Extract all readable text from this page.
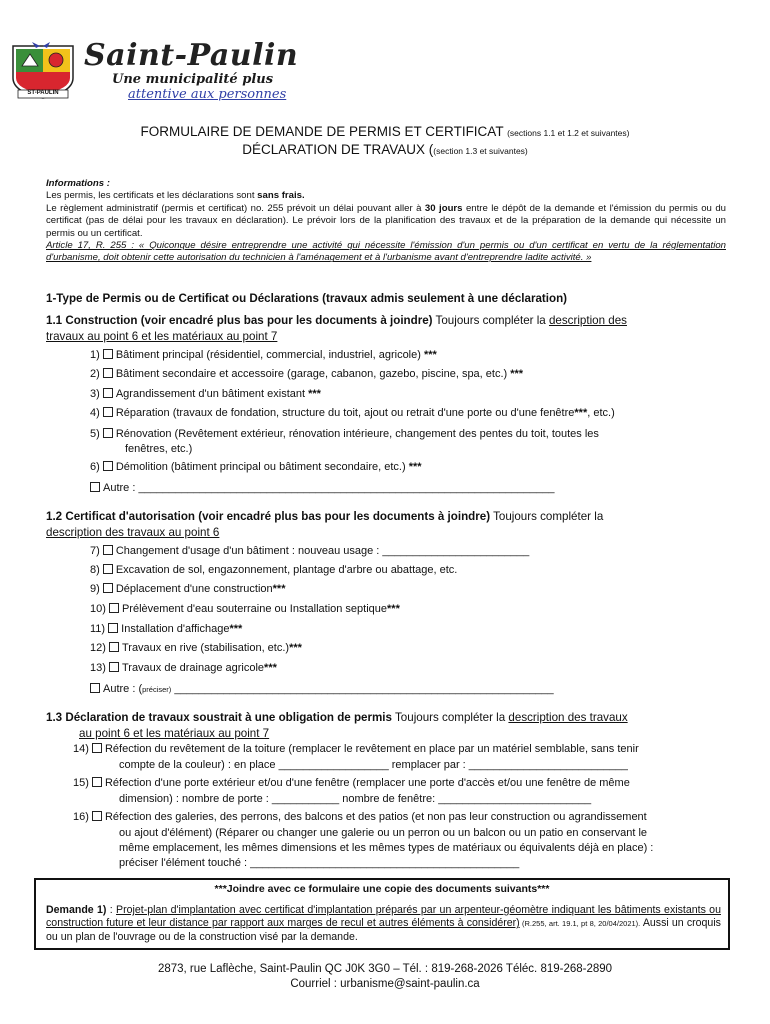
ST-PAULIN
Saint-Paulin
Une municipalité plus
attentive aux personnes
FORMULAIRE DE DEMANDE DE PERMIS ET CERTIFICAT (sections 1.1 et 1.2 et suivantes)
DÉCLARATION DE TRAVAUX ((section 1.3 et suivantes)

Informations :

Les permis, les certificats et les déclarations sont sans frais.

Le règlement administratif (permis et certificat) no. 255 prévoit un délai pouvant aller à 30 jours entre le dépôt de la demande et l'émission du permis ou du certificat (pas de délai pour les travaux en déclaration). Le prévoir lors de la planification des travaux et de la préparation de la demande qui nécessite un permis ou un certificat.

Article 17, R. 255 : « Quiconque désire entreprendre une activité qui nécessite l'émission d'un permis ou d'un certificat en vertu de la réglementation d'urbanisme, doit obtenir cette autorisation du technicien à l'aménagement et à l'urbanisme avant d'entreprendre ladite activité. »

1-Type de Permis ou de Certificat ou Déclarations (travaux admis seulement à une déclaration)
1.1 Construction (voir encadré plus bas pour les documents à joindre) Toujours compléter la description des
travaux au point 6 et les matériaux au point 7
1) Bâtiment principal (résidentiel, commercial, industriel, agricole) ***
2) Bâtiment secondaire et accessoire (garage, cabanon, gazebo, piscine, spa, etc.) ***
3) Agrandissement d'un bâtiment existant ***
4) Réparation (travaux de fondation, structure du toit, ajout ou retrait d'une porte ou d'une fenêtre***, etc.)
5) Rénovation (Revêtement extérieur, rénovation intérieure, changement des pentes du toit, toutes les
fenêtres, etc.)
6) Démolition (bâtiment principal ou bâtiment secondaire, etc.) ***
Autre : ____________________________________________________________________
1.2 Certificat d'autorisation (voir encadré plus bas pour les documents à joindre) Toujours compléter la
description des travaux au point 6
7) Changement d'usage d'un bâtiment : nouveau usage : ________________________
8) Excavation de sol, engazonnement, plantage d'arbre ou abattage, etc.
9) Déplacement d'une construction***
10) Prélèvement d'eau souterraine ou Installation septique***
11) Installation d'affichage***
12) Travaux en rive (stabilisation, etc.)***
13) Travaux de drainage agricole***
Autre : (préciser) ______________________________________________________________
1.3 Déclaration de travaux soustrait à une obligation de permis Toujours compléter la description des travaux
au point 6 et les matériaux au point 7
14) Réfection du revêtement de la toiture (remplacer le revêtement en place par un matériel semblable, sans tenir
compte de la couleur) : en place __________________ remplacer par : __________________________
15) Réfection d'une porte extérieur et/ou d'une fenêtre (remplacer une porte d'accès et/ou une fenêtre de même
dimension) : nombre de porte : ___________ nombre de fenêtre: _________________________
16) Réfection des galeries, des perrons, des balcons et des patios (et non pas leur construction ou agrandissement
ou ajout d'élément) (Réparer ou changer une galerie ou un perron ou un balcon ou un patio en conservant le
même emplacement, les mêmes dimensions et les mêmes types de matériaux ou équivalents déjà en place) :
préciser l'élément touché : ____________________________________________
***Joindre avec ce formulaire une copie des documents suivants***
Demande 1) : Projet-plan d'implantation avec certificat d'implantation préparés par un arpenteur-géomètre indiquant les bâtiments existants ou construction future et leur distance par rapport aux marges de recul et autres éléments à considérer) (R.255, art. 19.1, pt 8, 20/04/2021). Aussi un croquis ou un plan de l'ouvrage ou de la construction visé par la demande.
2873, rue Laflèche, Saint-Paulin QC J0K 3G0 – Tél. : 819-268-2026 Téléc. 819-268-2890
Courriel : urbanisme@saint-paulin.ca
